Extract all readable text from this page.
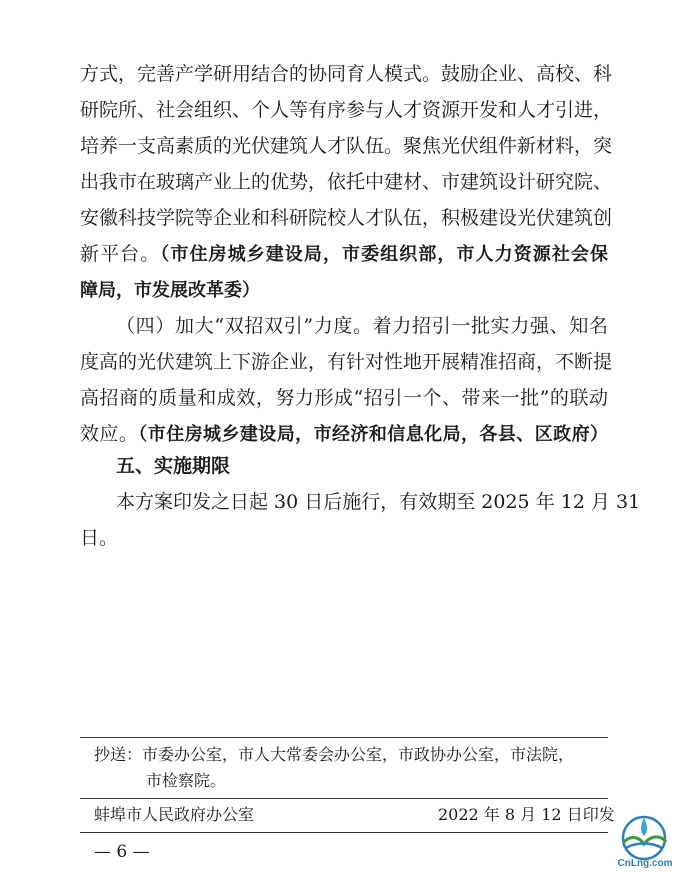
方式，完善产学研用结合的协同育人模式。鼓励企业、高校、科
研院所、社会组织、个人等有序参与人才资源开发和人才引进，
培养一支高素质的光伏建筑人才队伍。聚焦光伏组件新材料，突
出我市在玻璃产业上的优势，依托中建材、市建筑设计研究院、
安徽科技学院等企业和科研院校人才队伍，积极建设光伏建筑创
新平台。（市住房城乡建设局，市委组织部，市人力资源社会保
障局，市发展改革委）
（四）加大“双招双引”力度。着力招引一批实力强、知名
度高的光伏建筑上下游企业，有针对性地开展精准招商，不断提
高招商的质量和成效，努力形成“招引一个、带来一批”的联动
效应。（市住房城乡建设局，市经济和信息化局，各县、区政府）
五、实施期限
本方案印发之日起 30 日后施行，有效期至 2025 年 12 月 31
日。
抄送：市委办公室，市人大常委会办公室，市政协办公室，市法院，
市检察院。
蚌埠市人民政府办公室	2022 年 8 月 12 日印发
— 6 —
CnLng.com
